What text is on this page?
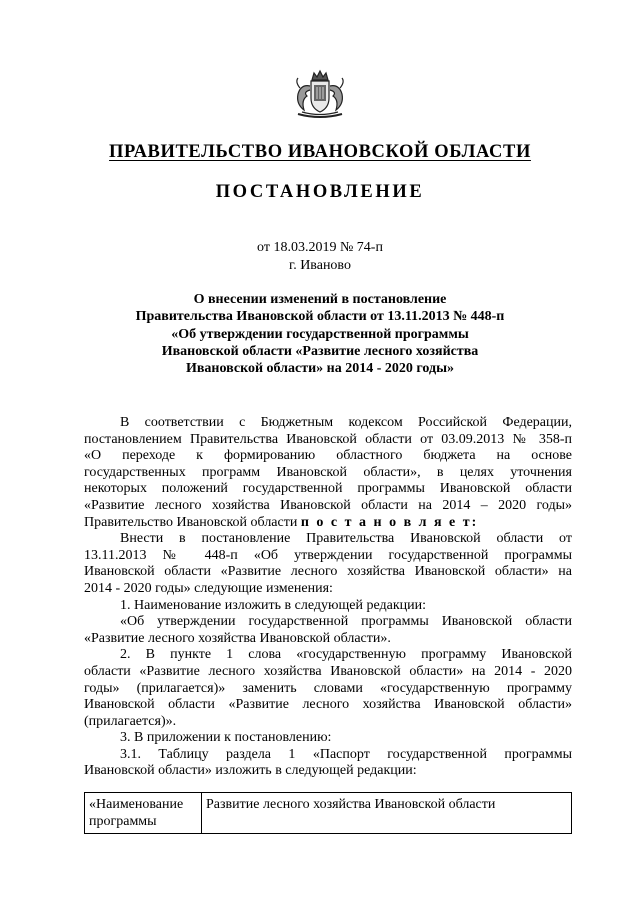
ПРАВИТЕЛЬСТВО ИВАНОВСКОЙ ОБЛАСТИ
ПОСТАНОВЛЕНИЕ
от 18.03.2019 № 74-п
г. Иваново
О внесении изменений в постановление
Правительства Ивановской области от 13.11.2013 № 448-п
«Об утверждении государственной программы
Ивановской области «Развитие лесного хозяйства
Ивановской области» на 2014 - 2020 годы»
В соответствии с Бюджетным кодексом Российской Федерации,
постановлением Правительства Ивановской области от 03.09.2013 № 358-п
«О переходе к формированию областного бюджета на основе
государственных программ Ивановской области», в целях уточнения
некоторых положений государственной программы Ивановской области
«Развитие лесного хозяйства Ивановской области на 2014 – 2020 годы»
Правительство Ивановской области п о с т а н о в л я е т:
Внести в постановление Правительства Ивановской области от
13.11.2013 № 448-п «Об утверждении государственной программы
Ивановской области «Развитие лесного хозяйства Ивановской области» на
2014 - 2020 годы» следующие изменения:
1. Наименование изложить в следующей редакции:
«Об утверждении государственной программы Ивановской области
«Развитие лесного хозяйства Ивановской области».
2. В пункте 1 слова «государственную программу Ивановской
области «Развитие лесного хозяйства Ивановской области» на 2014 - 2020
годы» (прилагается)» заменить словами «государственную программу
Ивановской области «Развитие лесного хозяйства Ивановской области»
(прилагается)».
3. В приложении к постановлению:
3.1. Таблицу раздела 1 «Паспорт государственной программы
Ивановской области» изложить в следующей редакции:
«Наименование программы	Развитие лесного хозяйства Ивановской области
